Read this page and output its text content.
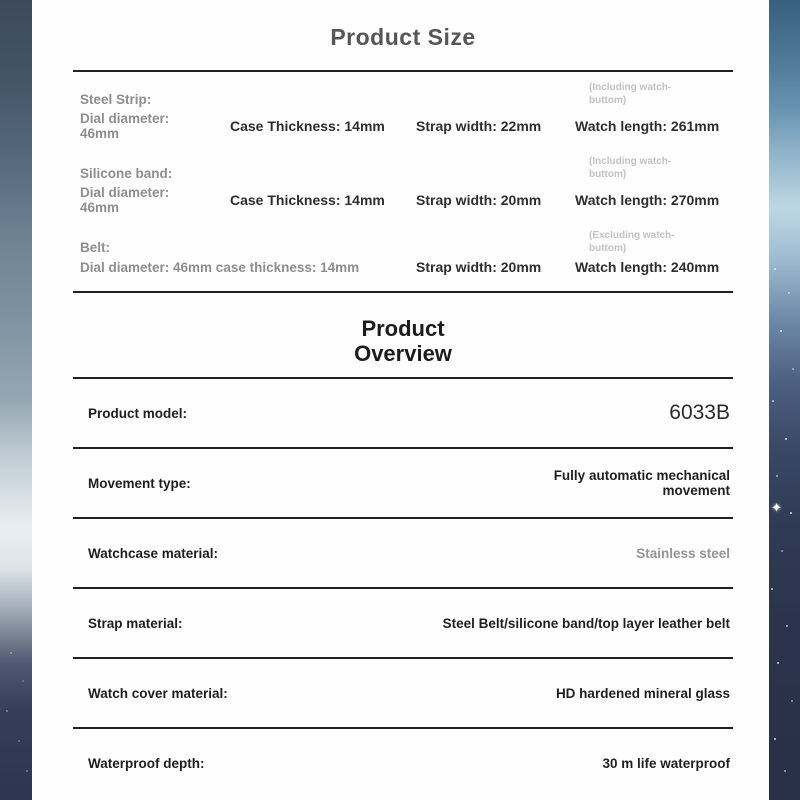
✦
Product Size
Steel Strip:
(Including watch-buttom)
Dial diameter: 46mm	Case Thickness: 14mm	Strap width: 22mm	Watch length: 261mm
Silicone band:
(Including watch-buttom)
Dial diameter: 46mm	Case Thickness: 14mm	Strap width: 20mm	Watch length: 270mm
Belt:
(Excluding watch-buttom)
Dial diameter: 46mm case thickness: 14mm	Strap width: 20mm	Watch length: 240mm
Product
Overview
Product model:	6033B
Movement type:	Fully automatic mechanical movement
Watchcase material:	Stainless steel
Strap material:	Steel Belt/silicone band/top layer leather belt
Watch cover material:	HD hardened mineral glass
Waterproof depth:	30 m life waterproof
